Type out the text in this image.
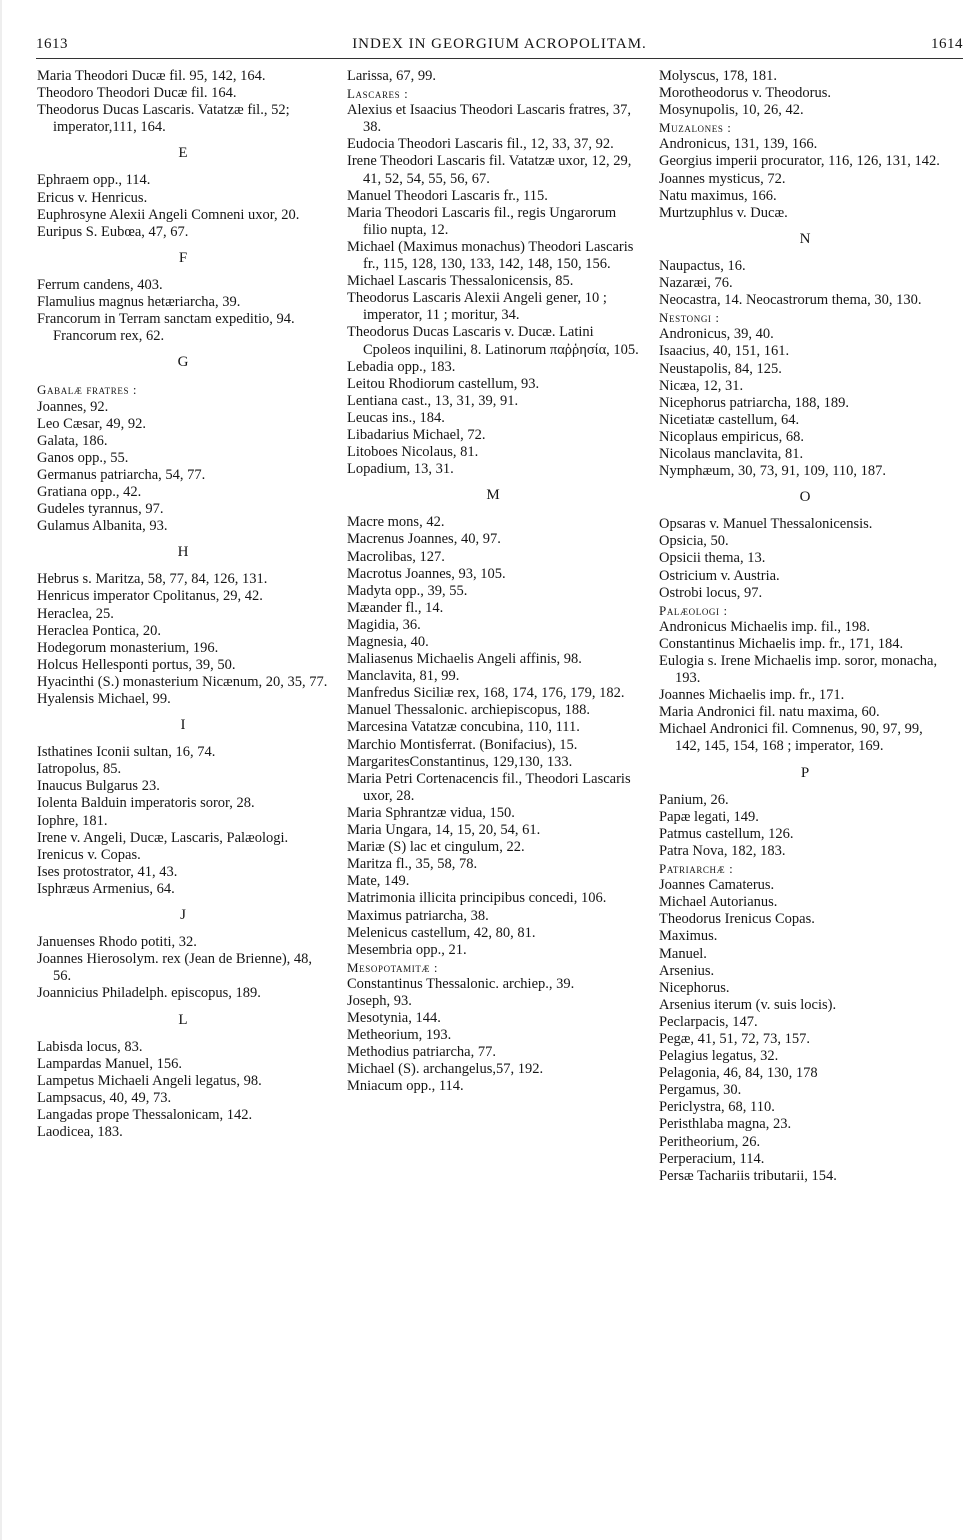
1613	INDEX IN GEORGIUM ACROPOLITAM.	1614
Maria Theodori Ducæ fil. 95, 142, 164.
Theodoro Theodori Ducæ fil. 164.
Theodorus Ducas Lascaris. Vatatzæ fil., 52; imperator,111, 164.
E
Ephraem opp., 114.
Ericus v. Henricus.
Euphrosyne Alexii Angeli Comneni uxor, 20.
Euripus S. Eubœa, 47, 67.
F
Ferrum candens, 403.
Flamulius magnus hetæriarcha, 39.
Francorum in Terram sanctam expeditio, 94. Francorum rex, 62.
G
Gabalæ fratres :
Joannes, 92.
Leo Cæsar, 49, 92.
Galata, 186.
Ganos opp., 55.
Germanus patriarcha, 54, 77.
Gratiana opp., 42.
Gudeles tyrannus, 97.
Gulamus Albanita, 93.
H
Hebrus s. Maritza, 58, 77, 84, 126, 131.
Henricus imperator Cpolitanus, 29, 42.
Heraclea, 25.
Heraclea Pontica, 20.
Hodegorum monasterium, 196.
Holcus Hellesponti portus, 39, 50.
Hyacinthi (S.) monasterium Nicænum, 20, 35, 77.
Hyalensis Michael, 99.
I
Isthatines Iconii sultan, 16, 74.
Iatropolus, 85.
Inaucus Bulgarus 23.
Iolenta Balduin imperatoris soror, 28.
Iophre, 181.
Irene v. Angeli, Ducæ, Lascaris, Palæologi.
Irenicus v. Copas.
Ises protostrator, 41, 43.
Isphræus Armenius, 64.
J
Januenses Rhodo potiti, 32.
Joannes Hierosolym. rex (Jean de Brienne), 48, 56.
Joannicius Philadelph. episcopus, 189.
L
Labisda locus, 83.
Lampardas Manuel, 156.
Lampetus Michaeli Angeli legatus, 98.
Lampsacus, 40, 49, 73.
Langadas prope Thessalonicam, 142.
Laodicea, 183.
Larissa, 67, 99.
Lascares :
Alexius et Isaacius Theodori Lascaris fratres, 37, 38.
Eudocia Theodori Lascaris fil., 12, 33, 37, 92.
Irene Theodori Lascaris fil. Vatatzæ uxor, 12, 29, 41, 52, 54, 55, 56, 67.
Manuel Theodori Lascaris fr., 115.
Maria Theodori Lascaris fil., regis Ungarorum filio nupta, 12.
Michael (Maximus monachus) Theodori Lascaris fr., 115, 128, 130, 133, 142, 148, 150, 156.
Michael Lascaris Thessalonicensis, 85.
Theodorus Lascaris Alexii Angeli gener, 10 ; imperator, 11 ; moritur, 34.
Theodorus Ducas Lascaris v. Ducæ. Latini Cpoleos inquilini, 8. Latinorum παῤῥησία, 105.
Lebadia opp., 183.
Leitou Rhodiorum castellum, 93.
Lentiana cast., 13, 31, 39, 91.
Leucas ins., 184.
Libadarius Michael, 72.
Litoboes Nicolaus, 81.
Lopadium, 13, 31.
M
Macre mons, 42.
Macrenus Joannes, 40, 97.
Macrolibas, 127.
Macrotus Joannes, 93, 105.
Madyta opp., 39, 55.
Mæander fl., 14.
Magidia, 36.
Magnesia, 40.
Maliasenus Michaelis Angeli affinis, 98.
Manclavita, 81, 99.
Manfredus Siciliæ rex, 168, 174, 176, 179, 182.
Manuel Thessalonic. archiepiscopus, 188.
Marcesina Vatatzæ concubina, 110, 111.
Marchio Montisferrat. (Bonifacius), 15.
MargaritesConstantinus, 129,130, 133.
Maria Petri Cortenacencis fil., Theodori Lascaris uxor, 28.
Maria Sphrantzæ vidua, 150.
Maria Ungara, 14, 15, 20, 54, 61.
Mariæ (S) lac et cingulum, 22.
Maritza fl., 35, 58, 78.
Mate, 149.
Matrimonia illicita principibus concedi, 106.
Maximus patriarcha, 38.
Melenicus castellum, 42, 80, 81.
Mesembria opp., 21.
Mesopotamitæ :
Constantinus Thessalonic. archiep., 39.
Joseph, 93.
Mesotynia, 144.
Metheorium, 193.
Methodius patriarcha, 77.
Michael (S). archangelus,57, 192.
Mniacum opp., 114.
Molyscus, 178, 181.
Morotheodorus v. Theodorus.
Mosynupolis, 10, 26, 42.
Muzalones :
Andronicus, 131, 139, 166.
Georgius imperii procurator, 116, 126, 131, 142.
Joannes mysticus, 72.
Natu maximus, 166.
Murtzuphlus v. Ducæ.
N
Naupactus, 16.
Nazaræi, 76.
Neocastra, 14. Neocastrorum thema, 30, 130.
Nestongi :
Andronicus, 39, 40.
Isaacius, 40, 151, 161.
Neustapolis, 84, 125.
Nicæa, 12, 31.
Nicephorus patriarcha, 188, 189.
Nicetiatæ castellum, 64.
Nicoplaus empiricus, 68.
Nicolaus manclavita, 81.
Nymphæum, 30, 73, 91, 109, 110, 187.
O
Opsaras v. Manuel Thessalonicensis.
Opsicia, 50.
Opsicii thema, 13.
Ostricium v. Austria.
Ostrobi locus, 97.
Palæologi :
Andronicus Michaelis imp. fil., 198.
Constantinus Michaelis imp. fr., 171, 184.
Eulogia s. Irene Michaelis imp. soror, monacha, 193.
Joannes Michaelis imp. fr., 171.
Maria Andronici fil. natu maxima, 60.
Michael Andronici fil. Comnenus, 90, 97, 99, 142, 145, 154, 168 ; imperator, 169.
P
Panium, 26.
Papæ legati, 149.
Patmus castellum, 126.
Patra Nova, 182, 183.
Patriarchæ :
Joannes Camaterus.
Michael Autorianus.
Theodorus Irenicus Copas.
Maximus.
Manuel.
Arsenius.
Nicephorus.
Arsenius iterum (v. suis locis).
Peclarpacis, 147.
Pegæ, 41, 51, 72, 73, 157.
Pelagius legatus, 32.
Pelagonia, 46, 84, 130, 178
Pergamus, 30.
Periclystra, 68, 110.
Peristhlaba magna, 23.
Peritheorium, 26.
Perperacium, 114.
Persæ Tachariis tributarii, 154.
